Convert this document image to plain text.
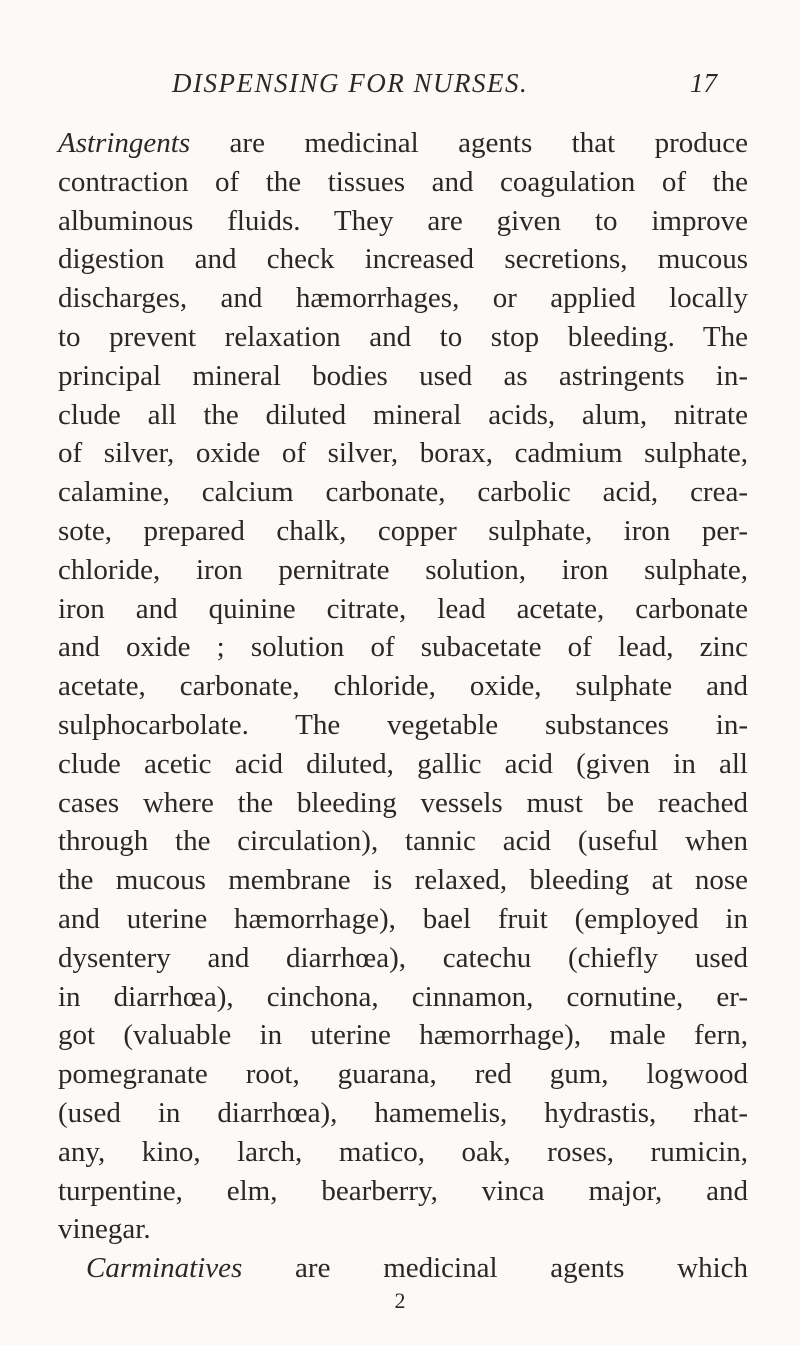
DISPENSING FOR NURSES.	17
Astringents are medicinal agents that produce
contraction of the tissues and coagulation of the
albuminous fluids. They are given to improve
digestion and check increased secretions, mucous
discharges, and hæmorrhages, or applied locally
to prevent relaxation and to stop bleeding. The
principal mineral bodies used as astringents in-
clude all the diluted mineral acids, alum, nitrate
of silver, oxide of silver, borax, cadmium sulphate,
calamine, calcium carbonate, carbolic acid, crea-
sote, prepared chalk, copper sulphate, iron per-
chloride, iron pernitrate solution, iron sulphate,
iron and quinine citrate, lead acetate, carbonate
and oxide ; solution of subacetate of lead, zinc
acetate, carbonate, chloride, oxide, sulphate and
sulphocarbolate. The vegetable substances in-
clude acetic acid diluted, gallic acid (given in all
cases where the bleeding vessels must be reached
through the circulation), tannic acid (useful when
the mucous membrane is relaxed, bleeding at nose
and uterine hæmorrhage), bael fruit (employed in
dysentery and diarrhœa), catechu (chiefly used
in diarrhœa), cinchona, cinnamon, cornutine, er-
got (valuable in uterine hæmorrhage), male fern,
pomegranate root, guarana, red gum, logwood
(used in diarrhœa), hamemelis, hydrastis, rhat-
any, kino, larch, matico, oak, roses, rumicin,
turpentine, elm, bearberry, vinca major, and
vinegar.
Carminatives are medicinal agents which
2
